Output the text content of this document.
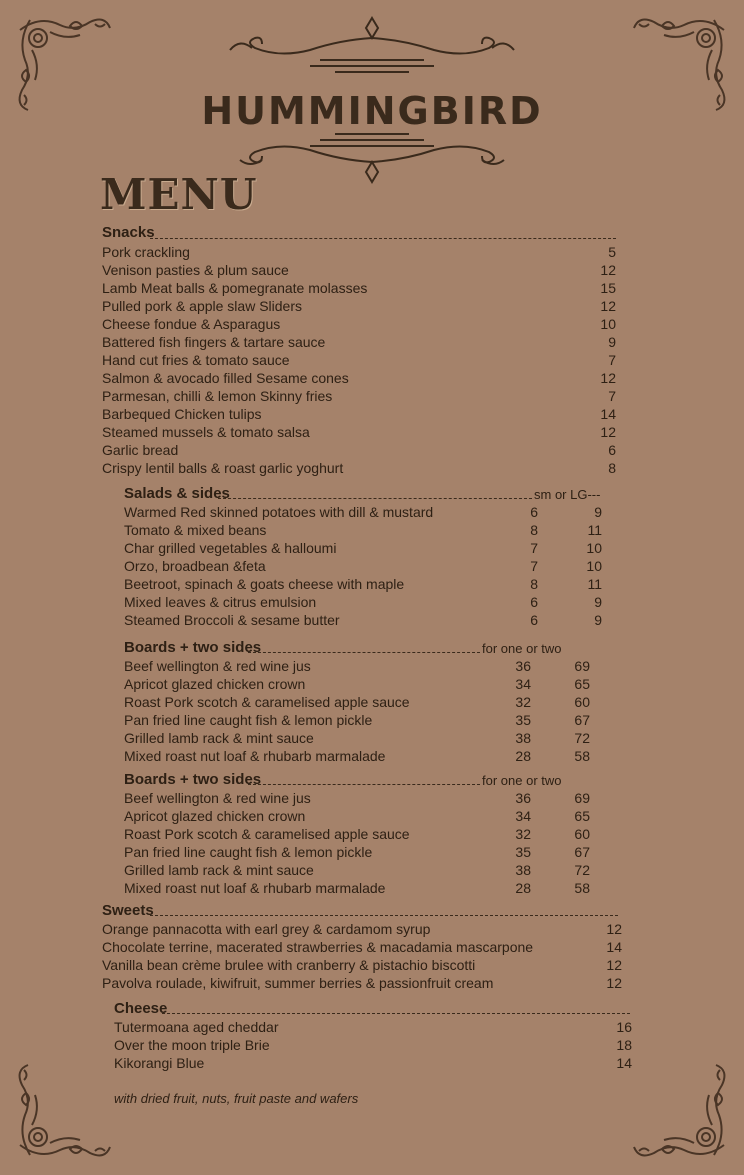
HUMMINGBIRD
MENU
Snacks
Pork crackling	5
Venison pasties & plum sauce	12
Lamb Meat balls & pomegranate molasses	15
Pulled pork & apple slaw Sliders	12
Cheese fondue & Asparagus	10
Battered fish fingers & tartare sauce	9
Hand cut fries & tomato sauce	7
Salmon & avocado filled Sesame cones	12
Parmesan, chilli & lemon Skinny fries	7
Barbequed Chicken tulips	14
Steamed mussels & tomato salsa	12
Garlic bread	6
Crispy lentil balls & roast garlic yoghurt	8
Salads & sides	sm or LG---
Warmed Red skinned potatoes with dill & mustard	6	9
Tomato & mixed beans	8	11
Char grilled vegetables & halloumi	7	10
Orzo, broadbean &feta	7	10
Beetroot, spinach & goats cheese with maple	8	11
Mixed leaves & citrus emulsion	6	9
Steamed Broccoli & sesame butter	6	9
Boards + two sides	for one or two
Beef wellington & red wine jus	36	69
Apricot glazed chicken crown	34	65
Roast Pork scotch & caramelised apple sauce	32	60
Pan fried line caught fish & lemon pickle	35	67
Grilled lamb rack & mint sauce	38	72
Mixed roast nut loaf & rhubarb marmalade	28	58
Boards + two sides	for one or two
Beef wellington & red wine jus	36	69
Apricot glazed chicken crown	34	65
Roast Pork scotch & caramelised apple sauce	32	60
Pan fried line caught fish & lemon pickle	35	67
Grilled lamb rack & mint sauce	38	72
Mixed roast nut loaf & rhubarb marmalade	28	58
Sweets
Orange pannacotta with earl grey & cardamom syrup	12
Chocolate terrine, macerated strawberries & macadamia mascarpone	14
Vanilla bean crème brulee with cranberry & pistachio biscotti	12
Pavolva roulade, kiwifruit, summer berries & passionfruit cream	12
Cheese
Tutermoana aged cheddar	16
Over the moon triple Brie	18
Kikorangi Blue	14
with dried fruit, nuts, fruit paste and wafers
